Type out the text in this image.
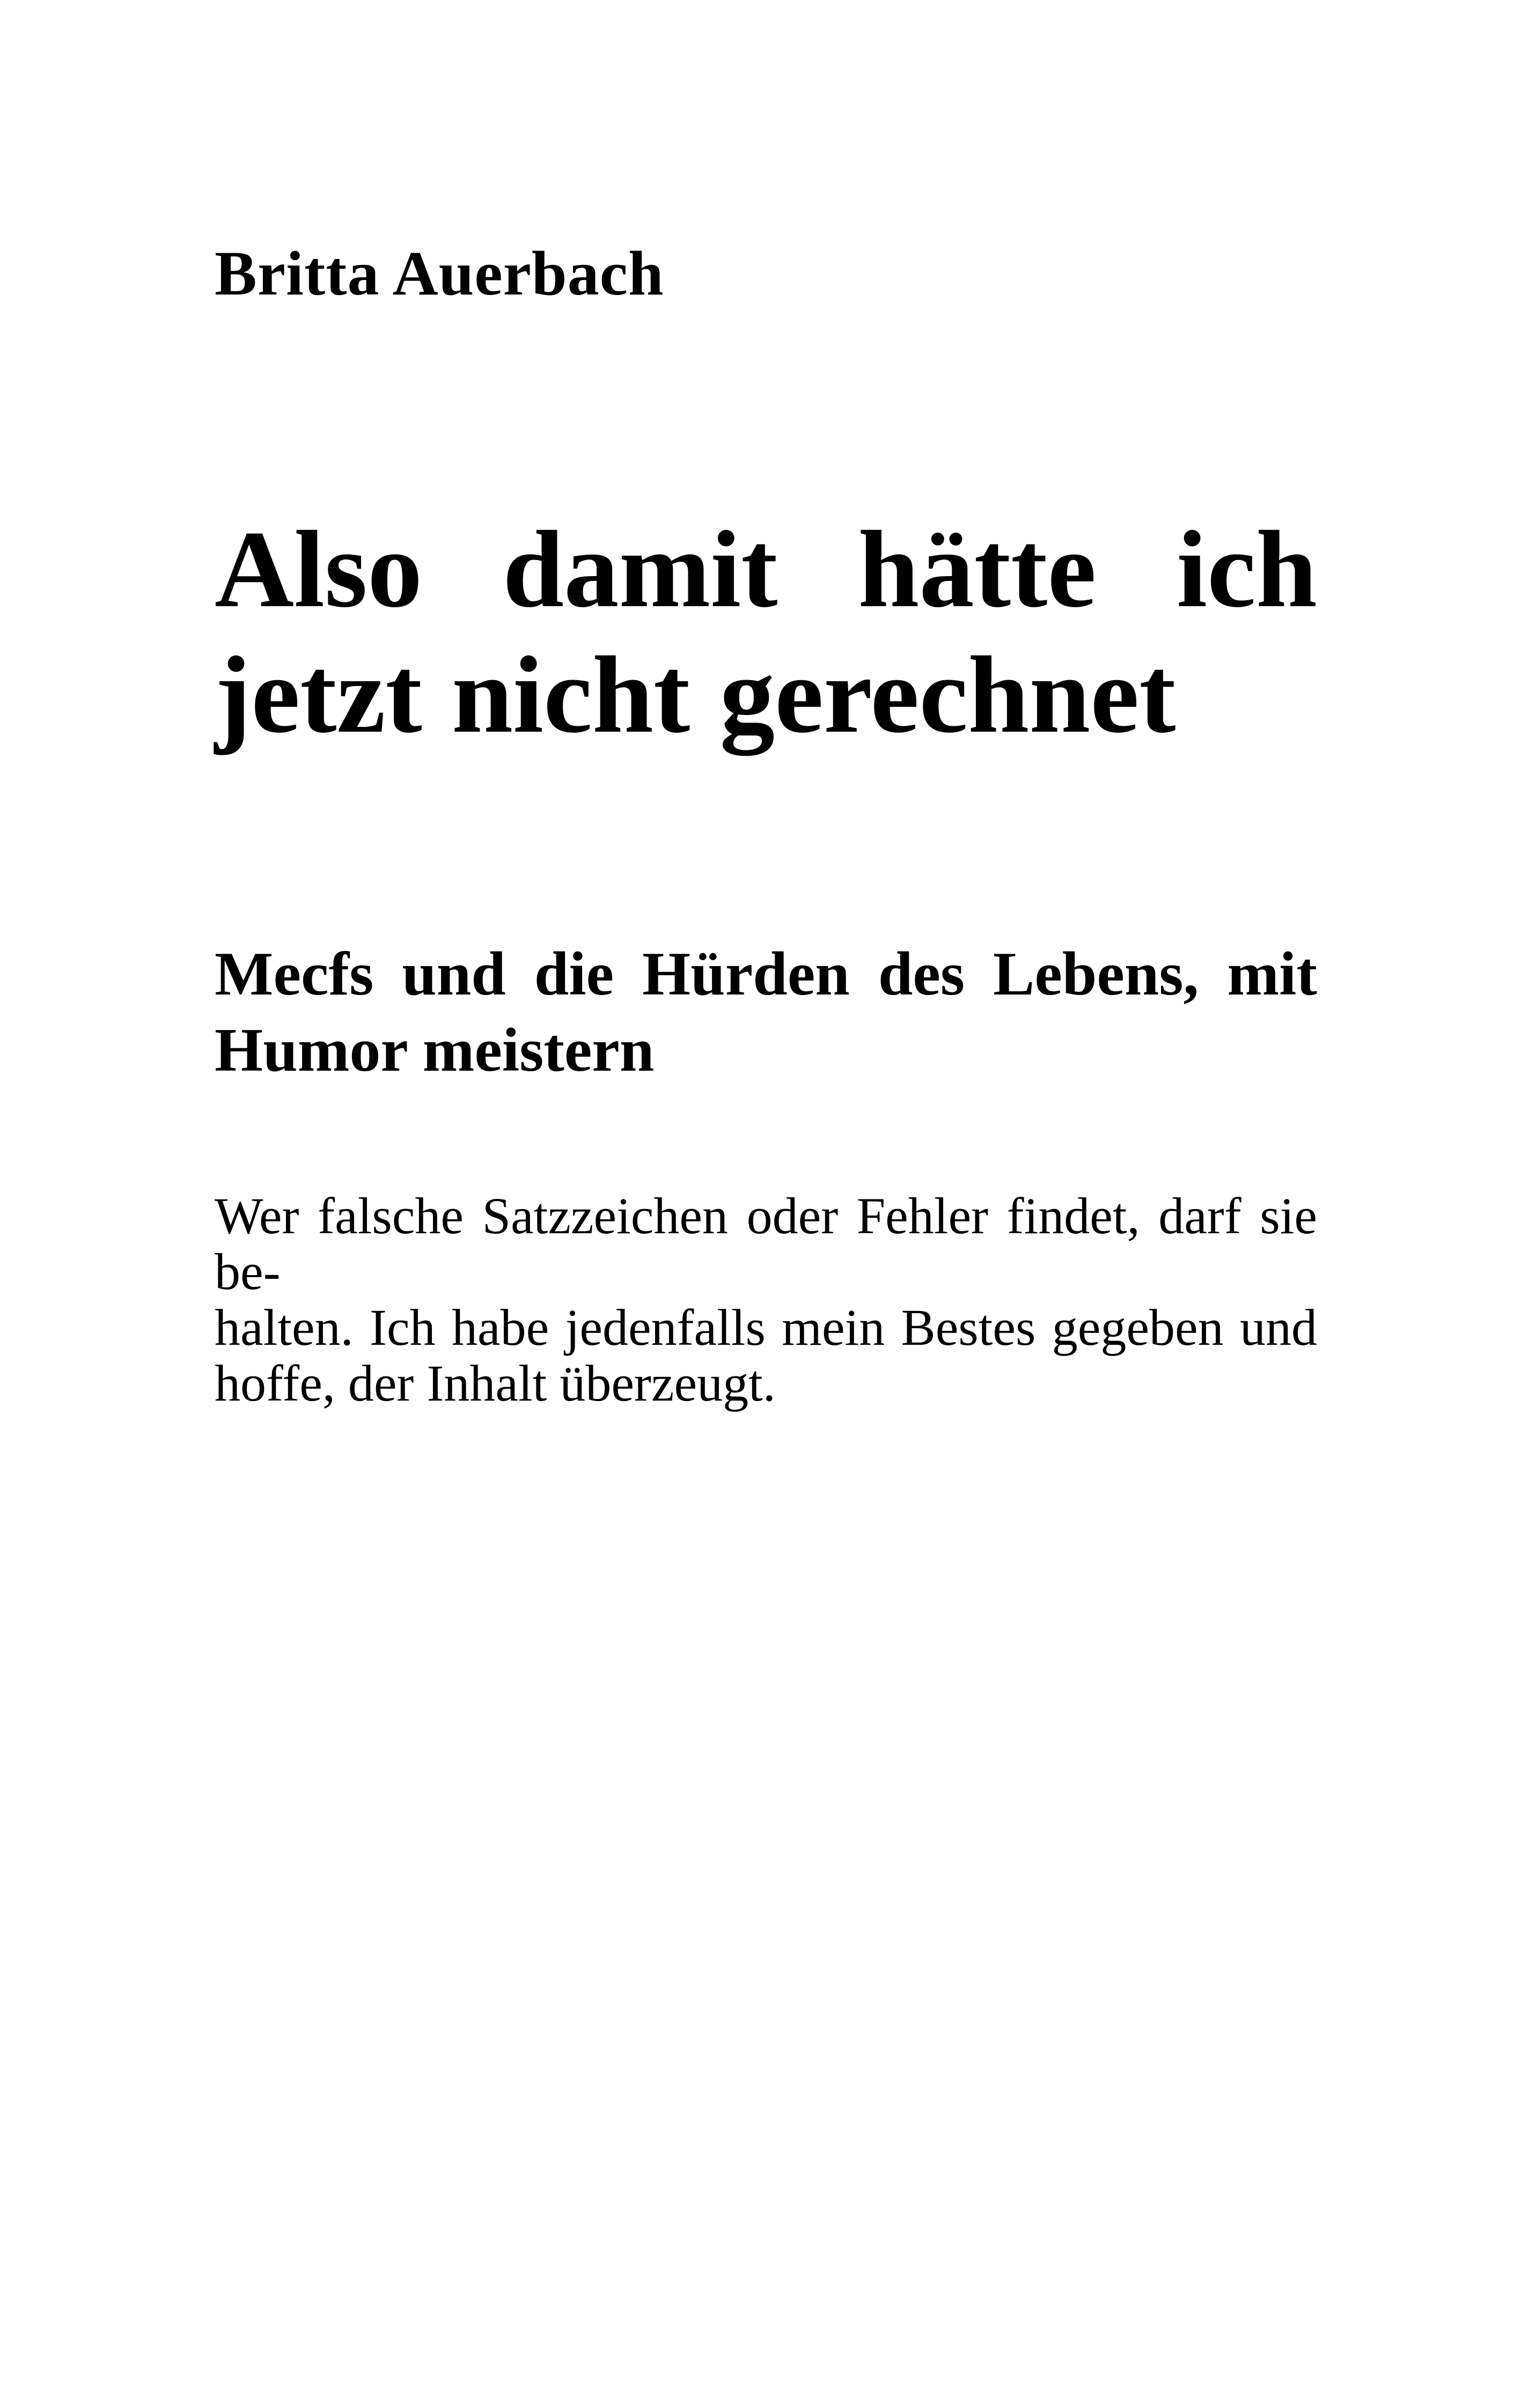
Britta Auerbach

Also damit hätte ich
jetzt nicht gerechnet
Mecfs und die Hürden des Lebens, mit
Humor meistern

Wer falsche Satzzeichen oder Fehler findet, darf sie be-
halten. Ich habe jedenfalls mein Bestes gegeben und
hoffe, der Inhalt überzeugt.
